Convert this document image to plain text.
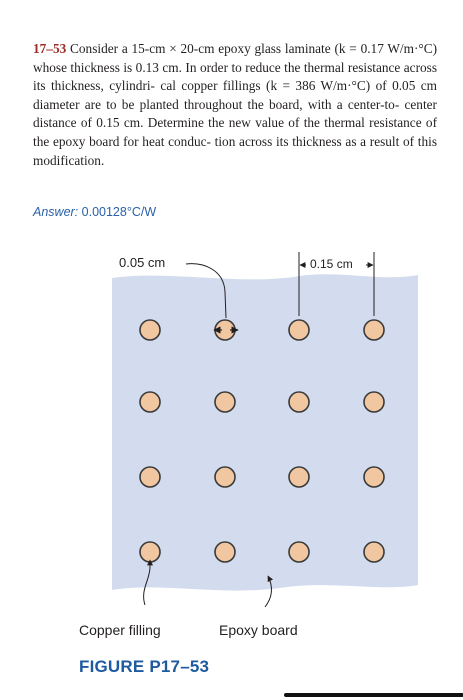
17–53 Consider a 15-cm × 20-cm epoxy glass laminate (k = 0.17 W/m·°C) whose thickness is 0.13 cm. In order to reduce the thermal resistance across its thickness, cylindri- cal copper fillings (k = 386 W/m·°C) of 0.05 cm diameter are to be planted throughout the board, with a center-to- center distance of 0.15 cm. Determine the new value of the thermal resistance of the epoxy board for heat conduc- tion across its thickness as a result of this modification.
Answer: 0.00128°C/W
0.05 cm	0.15 cm
Copper filling	Epoxy board
FIGURE P17–53
